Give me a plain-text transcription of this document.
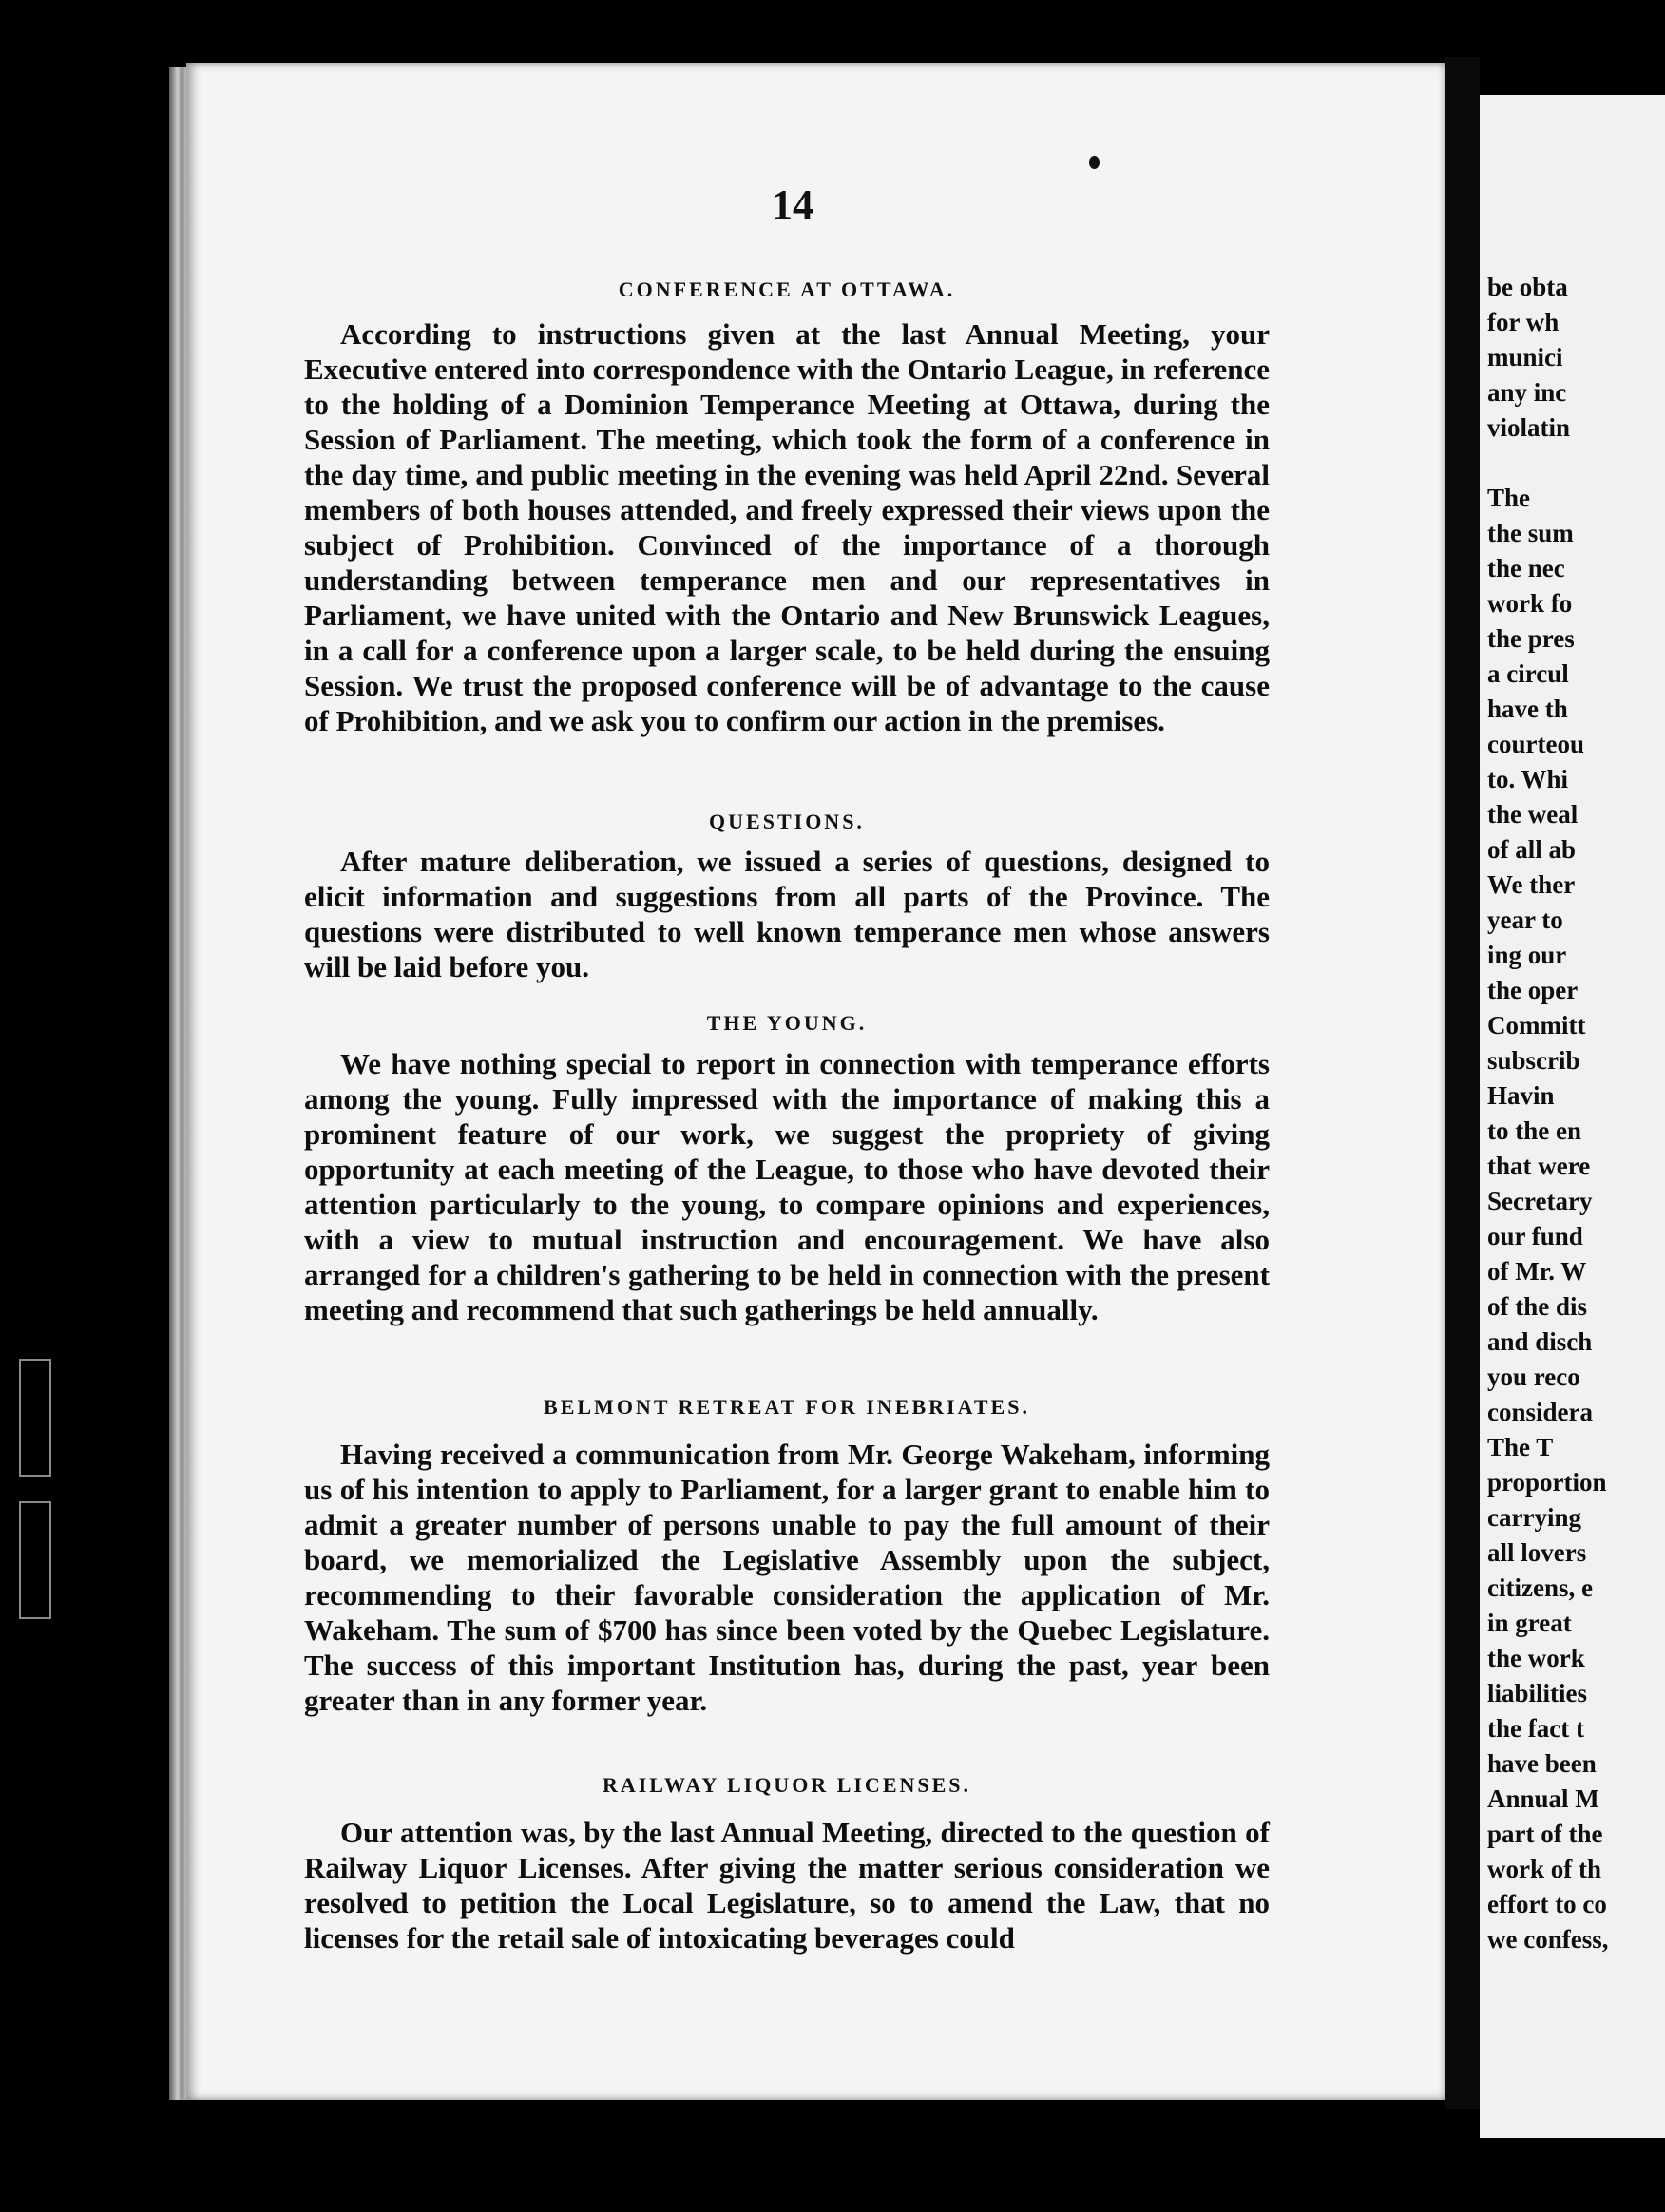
14
CONFERENCE AT OTTAWA.
According to instructions given at the last Annual Meeting, your Executive entered into correspondence with the Ontario League, in reference to the holding of a Dominion Temperance Meeting at Ottawa, during the Session of Parliament. The meeting, which took the form of a conference in the day time, and public meeting in the evening was held April 22nd. Several members of both houses attended, and freely expressed their views upon the subject of Prohibition. Convinced of the importance of a thorough understanding between temperance men and our representatives in Parliament, we have united with the Ontario and New Brunswick Leagues, in a call for a conference upon a larger scale, to be held during the ensuing Session. We trust the proposed conference will be of advantage to the cause of Prohibition, and we ask you to confirm our action in the premises.
QUESTIONS.
After mature deliberation, we issued a series of questions, designed to elicit information and suggestions from all parts of the Province. The questions were distributed to well known temperance men whose answers will be laid before you.
THE YOUNG.
We have nothing special to report in connection with temperance efforts among the young. Fully impressed with the importance of making this a prominent feature of our work, we suggest the propriety of giving opportunity at each meeting of the League, to those who have devoted their attention particularly to the young, to compare opinions and experiences, with a view to mutual instruction and encouragement. We have also arranged for a children's gathering to be held in connection with the present meeting and recommend that such gatherings be held annually.
BELMONT RETREAT FOR INEBRIATES.
Having received a communication from Mr. George Wakeham, informing us of his intention to apply to Parliament, for a larger grant to enable him to admit a greater number of persons unable to pay the full amount of their board, we memorialized the Legislative Assembly upon the subject, recommending to their favorable consideration the application of Mr. Wakeham. The sum of $700 has since been voted by the Quebec Legislature. The success of this important Institution has, during the past, year been greater than in any former year.
RAILWAY LIQUOR LICENSES.
Our attention was, by the last Annual Meeting, directed to the question of Railway Liquor Licenses. After giving the matter serious consideration we resolved to petition the Local Legislature, so to amend the Law, that no licenses for the retail sale of intoxicating beverages could
be obta
for wh
munici
any inc
violatin
The
the sum
the nec
work fo
the pres
a circul
have th
courteou
to. Whi
the weal
of all ab
We ther
year to
ing our
the oper
Committ
subscrib
Havin
to the en
that were
Secretary
our fund
of Mr. W
of the dis
and disch
you reco
considera
The T
proportion
carrying
all lovers
citizens, e
in great
the work
liabilities
the fact t
have been
Annual M
part of the
work of th
effort to co
we confess,
